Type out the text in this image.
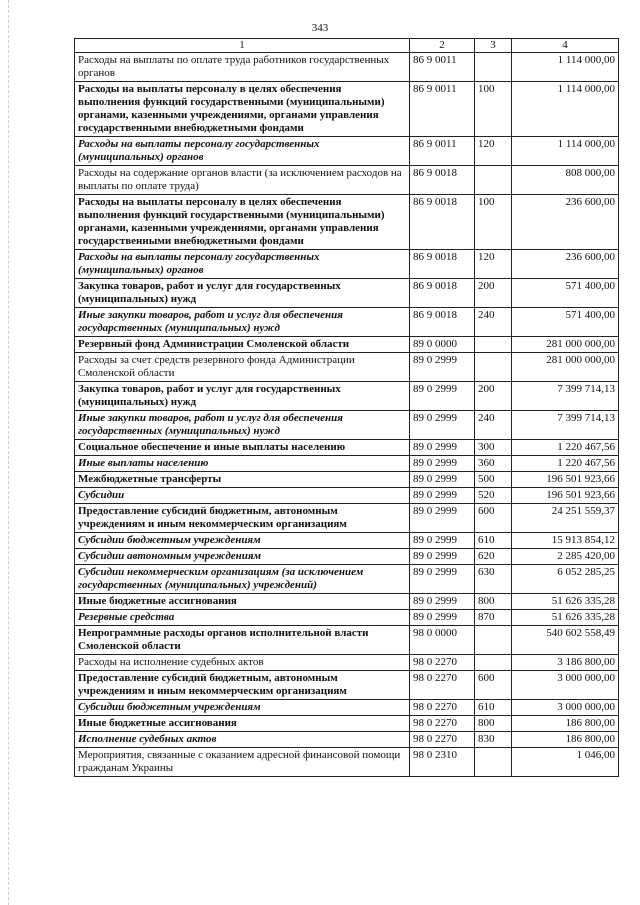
343
1	2	3	4
Расходы на выплаты по оплате труда работников государственных органов	86 9 0011		1 114 000,00
Расходы на выплаты персоналу в целях обеспечения выполнения функций государственными (муниципальными) органами, казенными учреждениями, органами управления государственными внебюджетными фондами	86 9 0011	100	1 114 000,00
Расходы на выплаты персоналу государственных (муниципальных) органов	86 9 0011	120	1 114 000,00
Расходы на содержание органов власти (за исключением расходов на выплаты по оплате труда)	86 9 0018		808 000,00
Расходы на выплаты персоналу в целях обеспечения выполнения функций государственными (муниципальными) органами, казенными учреждениями, органами управления государственными внебюджетными фондами	86 9 0018	100	236 600,00
Расходы на выплаты персоналу государственных (муниципальных) органов	86 9 0018	120	236 600,00
Закупка товаров, работ и услуг для государственных (муниципальных) нужд	86 9 0018	200	571 400,00
Иные закупки товаров, работ и услуг для обеспечения государственных (муниципальных) нужд	86 9 0018	240	571 400,00
Резервный фонд Администрации Смоленской области	89 0 0000		281 000 000,00
Расходы за счет средств резервного фонда Администрации Смоленской области	89 0 2999		281 000 000,00
Закупка товаров, работ и услуг для государственных (муниципальных) нужд	89 0 2999	200	7 399 714,13
Иные закупки товаров, работ и услуг для обеспечения государственных (муниципальных) нужд	89 0 2999	240	7 399 714,13
Социальное обеспечение и иные выплаты населению	89 0 2999	300	1 220 467,56
Иные выплаты населению	89 0 2999	360	1 220 467,56
Межбюджетные трансферты	89 0 2999	500	196 501 923,66
Субсидии	89 0 2999	520	196 501 923,66
Предоставление субсидий бюджетным, автономным учреждениям и иным некоммерческим организациям	89 0 2999	600	24 251 559,37
Субсидии бюджетным учреждениям	89 0 2999	610	15 913 854,12
Субсидии автономным учреждениям	89 0 2999	620	2 285 420,00
Субсидии некоммерческим организациям (за исключением государственных (муниципальных) учреждений)	89 0 2999	630	6 052 285,25
Иные бюджетные ассигнования	89 0 2999	800	51 626 335,28
Резервные средства	89 0 2999	870	51 626 335,28
Непрограммные расходы органов исполнительной власти Смоленской области	98 0 0000		540 602 558,49
Расходы на исполнение судебных актов	98 0 2270		3 186 800,00
Предоставление субсидий бюджетным, автономным учреждениям и иным некоммерческим организациям	98 0 2270	600	3 000 000,00
Субсидии бюджетным учреждениям	98 0 2270	610	3 000 000,00
Иные бюджетные ассигнования	98 0 2270	800	186 800,00
Исполнение судебных актов	98 0 2270	830	186 800,00
Мероприятия, связанные с оказанием адресной финансовой помощи гражданам Украины	98 0 2310		1 046,00
